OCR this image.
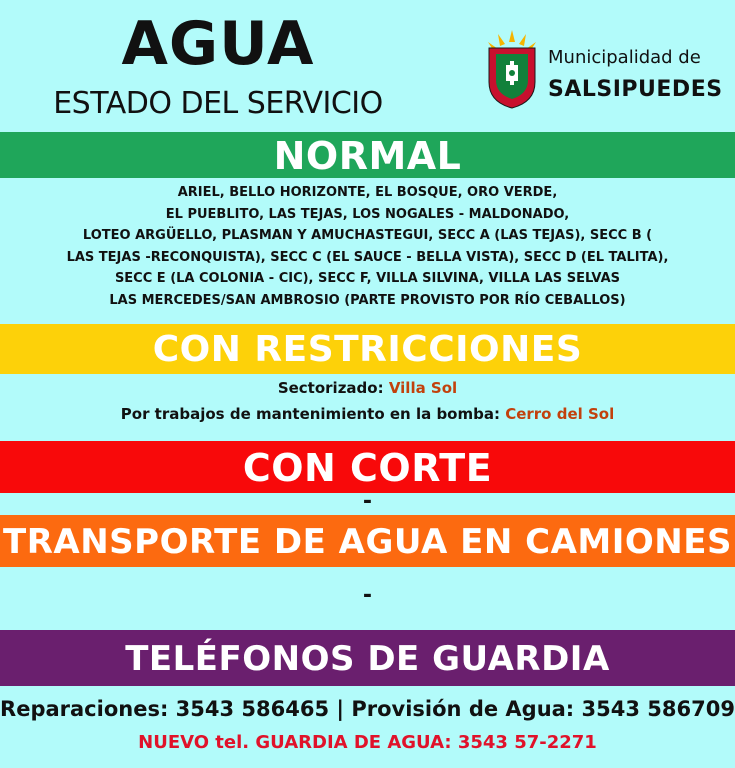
AGUA
ESTADO DEL SERVICIO
Municipalidad de
SALSIPUEDES
NORMAL
ARIEL, BELLO HORIZONTE, EL BOSQUE, ORO VERDE,
EL PUEBLITO, LAS TEJAS, LOS NOGALES - MALDONADO,
LOTEO ARGÜELLO, PLASMAN Y AMUCHASTEGUI, SECC A (LAS TEJAS), SECC B (
LAS TEJAS -RECONQUISTA), SECC C (EL SAUCE - BELLA VISTA), SECC D (EL TALITA),
SECC E (LA COLONIA - CIC), SECC F, VILLA SILVINA, VILLA LAS SELVAS
LAS MERCEDES/SAN AMBROSIO (PARTE PROVISTO POR RÍO CEBALLOS)
CON RESTRICCIONES
Sectorizado: Villa Sol
Por trabajos de mantenimiento en la bomba: Cerro del Sol
CON CORTE
-
TRANSPORTE DE AGUA EN CAMIONES
-
TELÉFONOS DE GUARDIA
Reparaciones: 3543 586465 | Provisión de Agua: 3543 586709
NUEVO tel. GUARDIA DE AGUA: 3543 57-2271
